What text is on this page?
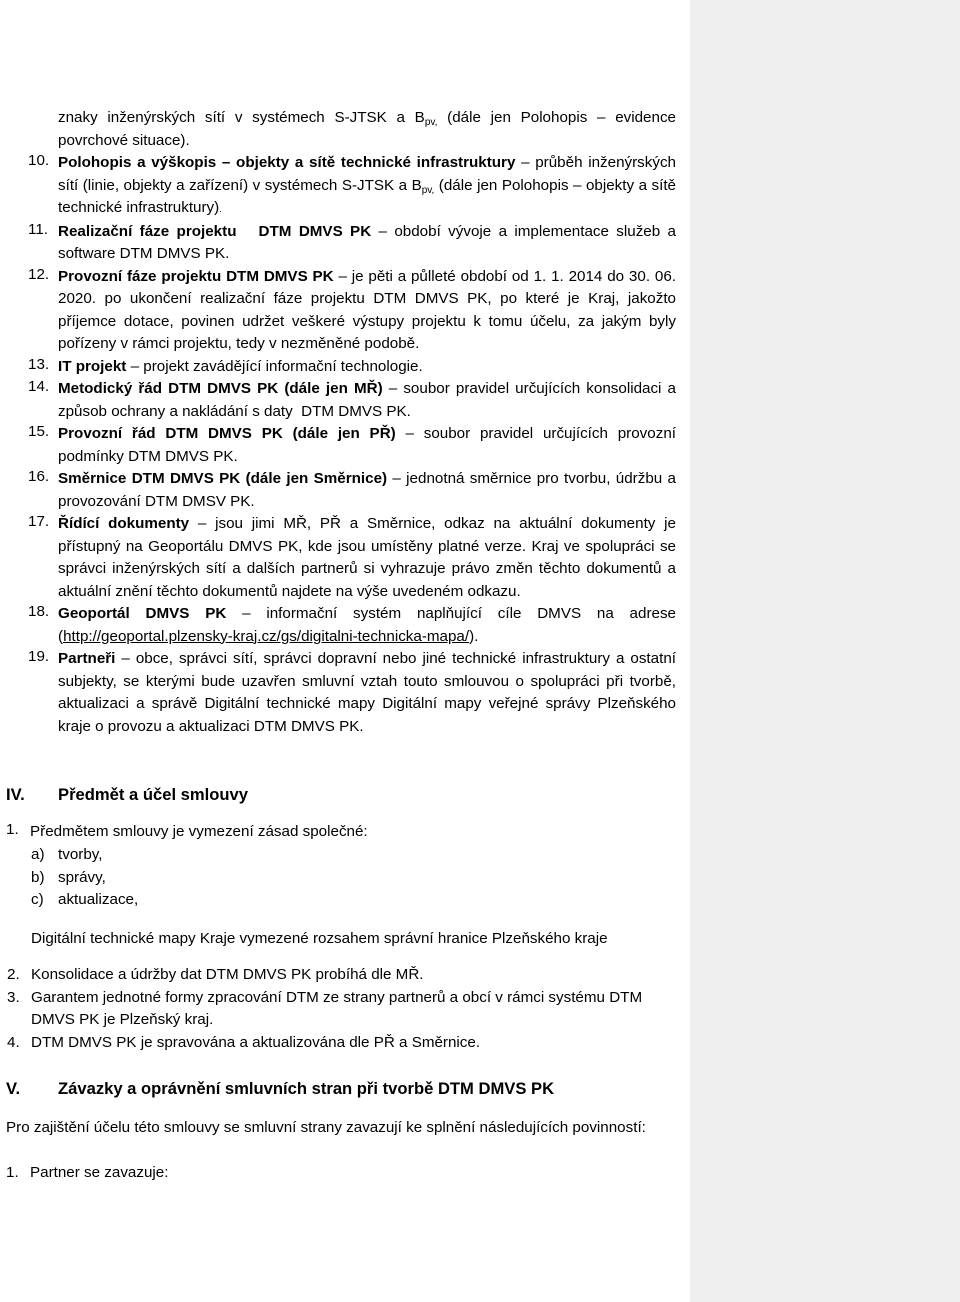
znaky inženýrských sítí v systémech S-JTSK a $B_{pv,}$ (dále jen Polohopis – evidence povrchové situace).

10. Polohopis a výškopis – objekty a sítě technické infrastruktury – průběh inženýrských sítí (linie, objekty a zařízení) v systémech S-JTSK a $B_{pv,}$ (dále jen Polohopis – objekty a sítě technické infrastruktury).

11. Realizační fáze projektu   DTM DMVS PK – období vývoje a implementace služeb a software DTM DMVS PK.

12. Provozní fáze projektu DTM DMVS PK – je pěti a půlleté období od 1. 1. 2014 do 30. 06. 2020. po ukončení realizační fáze projektu DTM DMVS PK, po které je Kraj, jakožto příjemce dotace, povinen udržet veškeré výstupy projektu k tomu účelu, za jakým byly pořízeny v rámci projektu, tedy v nezměněné podobě.

13. IT projekt – projekt zavádějící informační technologie.

14. Metodický řád DTM DMVS PK (dále jen MŘ) – soubor pravidel určujících konsolidaci a způsob ochrany a nakládání s daty  DTM DMVS PK.

15. Provozní řád DTM DMVS PK (dále jen PŘ) – soubor pravidel určujících provozní podmínky DTM DMVS PK.

16. Směrnice DTM DMVS PK (dále jen Směrnice) – jednotná směrnice pro tvorbu, údržbu a provozování DTM DMSV PK.

17. Řídící dokumenty – jsou jimi MŘ, PŘ a Směrnice, odkaz na aktuální dokumenty je přístupný na Geoportálu DMVS PK, kde jsou umístěny platné verze. Kraj ve spolupráci se správci inženýrských sítí a dalších partnerů si vyhrazuje právo změn těchto dokumentů a aktuální znění těchto dokumentů najdete na výše uvedeném odkazu.

18. Geoportál DMVS PK – informační systém naplňující cíle DMVS na adrese (http://geoportal.plzensky-kraj.cz/gs/digitalni-technicka-mapa/).

19. Partneři – obce, správci sítí, správci dopravní nebo jiné technické infrastruktury a ostatní subjekty, se kterými bude uzavřen smluvní vztah touto smlouvou o spolupráci při tvorbě, aktualizaci a správě Digitální technické mapy Digitální mapy veřejné správy Plzeňského kraje o provozu a aktualizaci DTM DMVS PK.

IV.	Předmět a účel smlouvy
1. Předmětem smlouvy je vymezení zásad společné:
a) tvorby,
b) správy,
c) aktualizace,

Digitální technické mapy Kraje vymezené rozsahem správní hranice Plzeňského kraje

2. Konsolidace a údržby dat DTM DMVS PK probíhá dle MŘ.

3. Garantem jednotné formy zpracování DTM ze strany partnerů a obcí v rámci systému DTM DMVS PK je Plzeňský kraj.

4. DTM DMVS PK je spravována a aktualizována dle PŘ a Směrnice.

V.	Závazky a oprávnění smluvních stran při tvorbě DTM DMVS PK

Pro zajištění účelu této smlouvy se smluvní strany zavazují ke splnění následujících povinností:

1. Partner se zavazuje:
